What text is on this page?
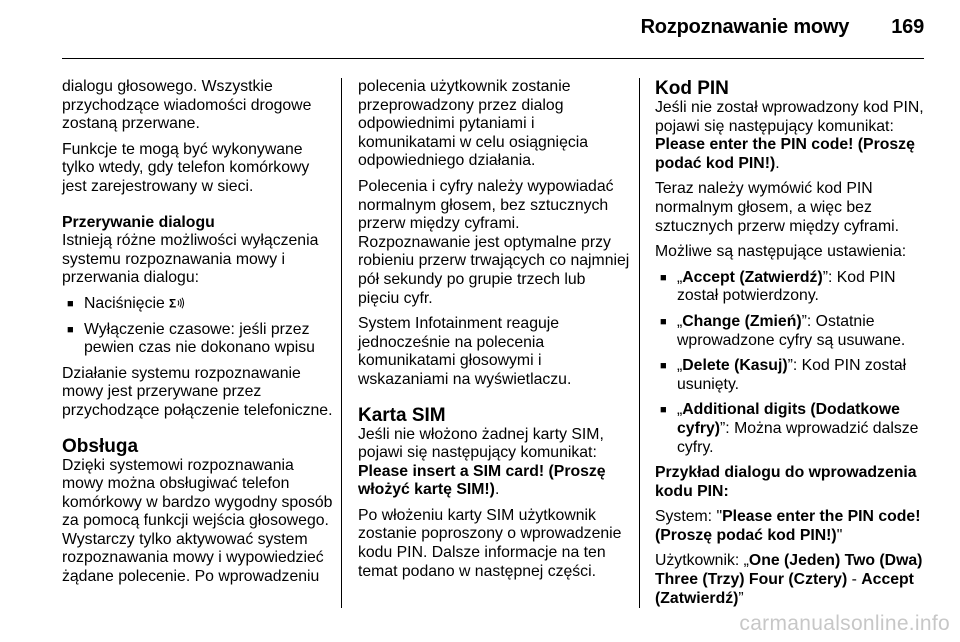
Rozpoznawanie mowy 169

dialogu głosowego. Wszystkie przychodzące wiadomości drogowe zostaną przerwane.

Funkcje te mogą być wykonywane tylko wtedy, gdy telefon komórkowy jest zarejestrowany w sieci.

Przerywanie dialogu

Istnieją różne możliwości wyłączenia systemu rozpoznawania mowy i przerwania dialogu:

■ Naciśnięcie Σ
■ Wyłączenie czasowe: jeśli przez pewien czas nie dokonano wpisu

Działanie systemu rozpoznawanie mowy jest przerywane przez przychodzące połączenie telefoniczne.

Obsługa

Dzięki systemowi rozpoznawania mowy można obsługiwać telefon komórkowy w bardzo wygodny sposób za pomocą funkcji wejścia głosowego. Wystarczy tylko aktywować system rozpoznawania mowy i wypowiedzieć żądane polecenie. Po wprowadzeniu

polecenia użytkownik zostanie przeprowadzony przez dialog odpowiednimi pytaniami i komunikatami w celu osiągnięcia odpowiedniego działania.

Polecenia i cyfry należy wypowiadać normalnym głosem, bez sztucznych przerw między cyframi. Rozpoznawanie jest optymalne przy robieniu przerw trwających co najmniej pół sekundy po grupie trzech lub pięciu cyfr.

System Infotainment reaguje jednocześnie na polecenia komunikatami głosowymi i wskazaniami na wyświetlaczu.

Karta SIM

Jeśli nie włożono żadnej karty SIM, pojawi się następujący komunikat: Please insert a SIM card! (Proszę włożyć kartę SIM!).

Po włożeniu karty SIM użytkownik zostanie poproszony o wprowadzenie kodu PIN. Dalsze informacje na ten temat podano w następnej części.

Kod PIN

Jeśli nie został wprowadzony kod PIN, pojawi się następujący komunikat: Please enter the PIN code! (Proszę podać kod PIN!).

Teraz należy wymówić kod PIN normalnym głosem, a więc bez sztucznych przerw między cyframi.

Możliwe są następujące ustawienia:

■ „Accept (Zatwierdź)”: Kod PIN został potwierdzony.
■ „Change (Zmień)”: Ostatnie wprowadzone cyfry są usuwane.
■ „Delete (Kasuj)”: Kod PIN został usunięty.
■ „Additional digits (Dodatkowe cyfry)”: Można wprowadzić dalsze cyfry.

Przykład dialogu do wprowadzenia kodu PIN:

System: "Please enter the PIN code! (Proszę podać kod PIN!)"

Użytkownik: „One (Jeden) Two (Dwa) Three (Trzy) Four (Cztery) - Accept (Zatwierdź)”

carmanualsonline.info
